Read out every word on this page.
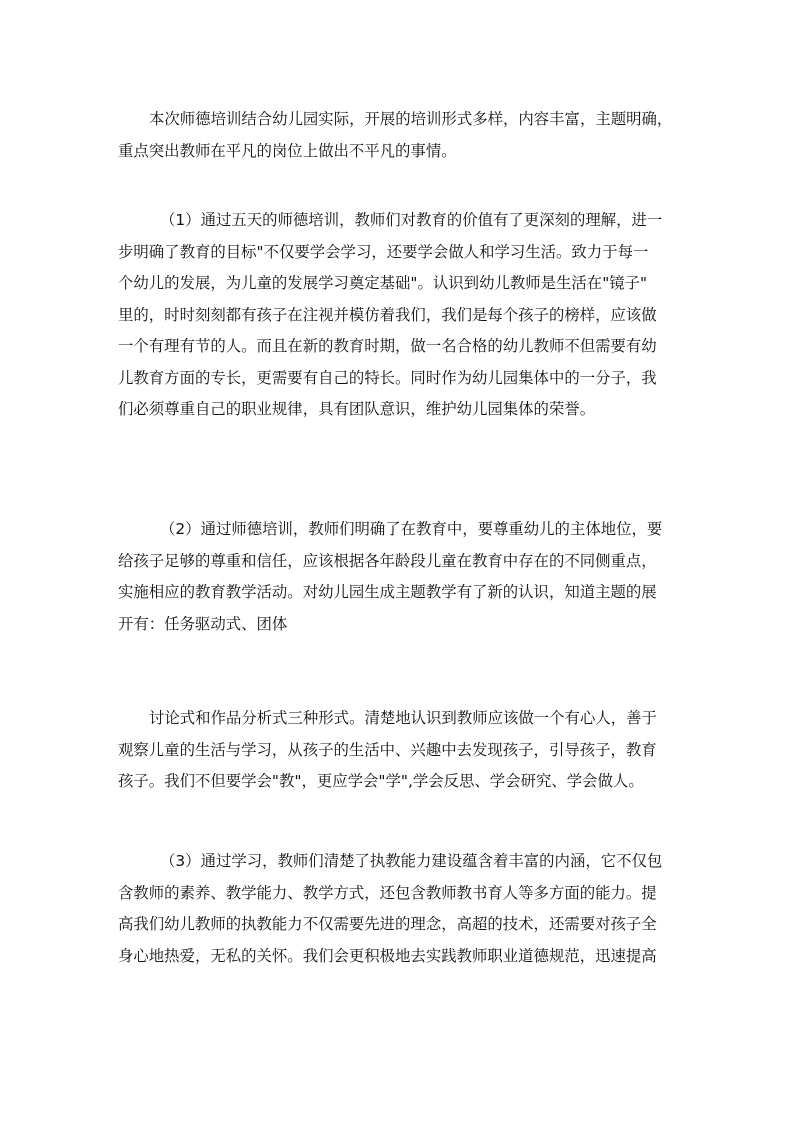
本次师德培训结合幼儿园实际，开展的培训形式多样，内容丰富，主题明确，
重点突出教师在平凡的岗位上做出不平凡的事情。
（1）通过五天的师德培训，教师们对教育的价值有了更深刻的理解，进一
步明确了教育的目标"不仅要学会学习，还要学会做人和学习生活。致力于每一
个幼儿的发展，为儿童的发展学习奠定基础"。认识到幼儿教师是生活在"镜子"
里的，时时刻刻都有孩子在注视并模仿着我们，我们是每个孩子的榜样，应该做
一个有理有节的人。而且在新的教育时期，做一名合格的幼儿教师不但需要有幼
儿教育方面的专长，更需要有自己的特长。同时作为幼儿园集体中的一分子，我
们必须尊重自己的职业规律，具有团队意识，维护幼儿园集体的荣誉。
（2）通过师德培训，教师们明确了在教育中，要尊重幼儿的主体地位，要
给孩子足够的尊重和信任，应该根据各年龄段儿童在教育中存在的不同侧重点，
实施相应的教育教学活动。对幼儿园生成主题教学有了新的认识，知道主题的展
开有：任务驱动式、团体
讨论式和作品分析式三种形式。清楚地认识到教师应该做一个有心人，善于
观察儿童的生活与学习，从孩子的生活中、兴趣中去发现孩子，引导孩子，教育
孩子。我们不但要学会"教"，更应学会"学",学会反思、学会研究、学会做人。
（3）通过学习，教师们清楚了执教能力建设蕴含着丰富的内涵，它不仅包
含教师的素养、教学能力、教学方式，还包含教师教书育人等多方面的能力。提
高我们幼儿教师的执教能力不仅需要先进的理念，高超的技术，还需要对孩子全
身心地热爱，无私的关怀。我们会更积极地去实践教师职业道德规范，迅速提高
